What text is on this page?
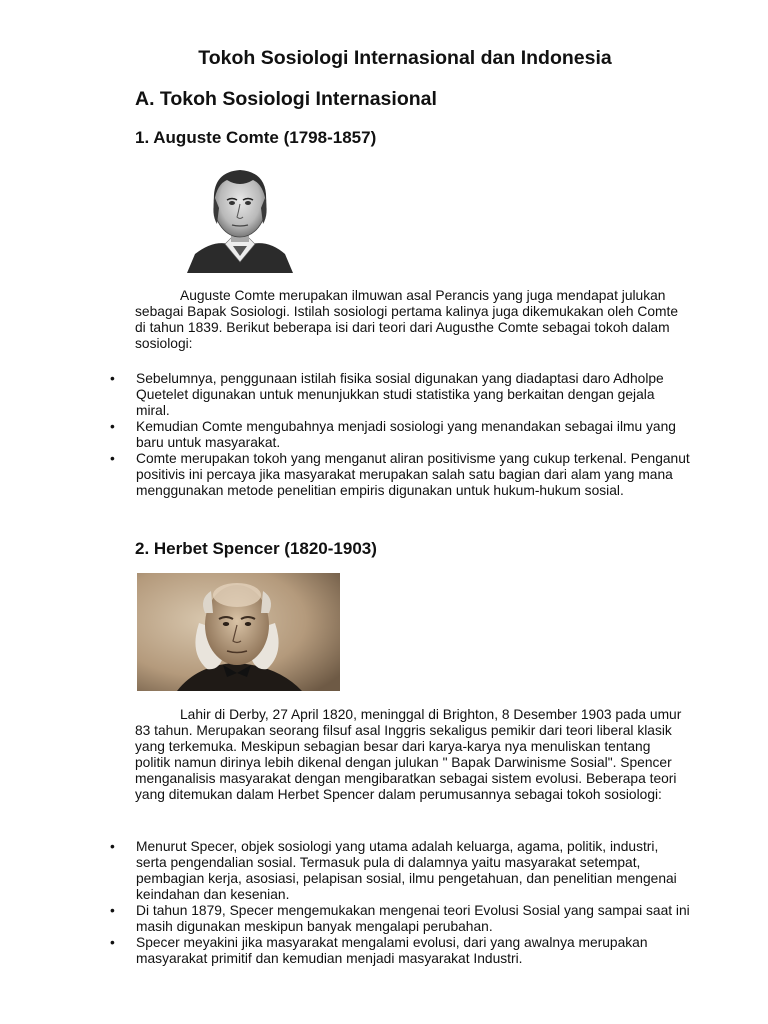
Tokoh Sosiologi Internasional dan Indonesia
A. Tokoh Sosiologi Internasional
1. Auguste Comte (1798-1857)

Auguste Comte merupakan ilmuwan asal Perancis yang juga mendapat julukan sebagai Bapak Sosiologi. Istilah sosiologi pertama kalinya juga dikemukakan oleh Comte di tahun 1839. Berikut beberapa isi dari teori dari Augusthe Comte sebagai tokoh dalam sosiologi:

• Sebelumnya, penggunaan istilah fisika sosial digunakan yang diadaptasi daro Adholpe Quetelet digunakan untuk menunjukkan studi statistika yang berkaitan dengan gejala miral.
• Kemudian Comte mengubahnya menjadi sosiologi yang menandakan sebagai ilmu yang baru untuk masyarakat.
• Comte merupakan tokoh yang menganut aliran positivisme yang cukup terkenal. Penganut positivis ini percaya jika masyarakat merupakan salah satu bagian dari alam yang mana menggunakan metode penelitian empiris digunakan untuk hukum-hukum sosial.
2. Herbet Spencer (1820-1903)

Lahir di Derby, 27 April 1820, meninggal di Brighton, 8 Desember 1903 pada umur 83 tahun. Merupakan seorang filsuf asal Inggris sekaligus pemikir dari teori liberal klasik yang terkemuka. Meskipun sebagian besar dari karya-karya nya menuliskan tentang politik namun dirinya lebih dikenal dengan julukan " Bapak Darwinisme Sosial". Spencer menganalisis masyarakat dengan mengibaratkan sebagai sistem evolusi. Beberapa teori yang ditemukan dalam Herbet Spencer dalam perumusannya sebagai tokoh sosiologi:

• Menurut Specer, objek sosiologi yang utama adalah keluarga, agama, politik, industri, serta pengendalian sosial. Termasuk pula di dalamnya yaitu masyarakat setempat, pembagian kerja, asosiasi, pelapisan sosial, ilmu pengetahuan, dan penelitian mengenai keindahan dan kesenian.
• Di tahun 1879, Specer mengemukakan mengenai teori Evolusi Sosial yang sampai saat ini masih digunakan meskipun banyak mengalapi perubahan.
• Specer meyakini jika masyarakat mengalami evolusi, dari yang awalnya merupakan masyarakat primitif dan kemudian menjadi masyarakat Industri.
